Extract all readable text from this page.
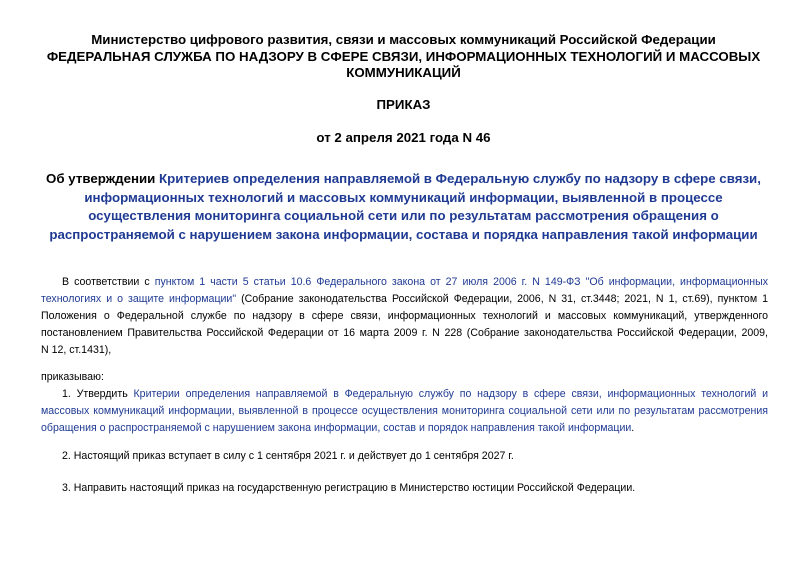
Министерство цифрового развития, связи и массовых коммуникаций Российской Федерации
ФЕДЕРАЛЬНАЯ СЛУЖБА ПО НАДЗОРУ В СФЕРЕ СВЯЗИ, ИНФОРМАЦИОННЫХ ТЕХНОЛОГИЙ И МАССОВЫХ
КОММУНИКАЦИЙ
ПРИКАЗ
от 2 апреля 2021 года N 46
Об утверждении Критериев определения направляемой в Федеральную службу по надзору в сфере связи,
информационных технологий и массовых коммуникаций информации, выявленной в процессе
осуществления мониторинга социальной сети или по результатам рассмотрения обращения о
распространяемой с нарушением закона информации, состава и порядка направления такой информации
В соответствии с пунктом 1 части 5 статьи 10.6 Федерального закона от 27 июля 2006 г. N 149-ФЗ "Об информации, информационных
технологиях и о защите информации" (Собрание законодательства Российской Федерации, 2006, N 31, ст.3448; 2021, N 1, ст.69), пунктом 1
Положения о Федеральной службе по надзору в сфере связи, информационных технологий и массовых коммуникаций, утвержденного
постановлением Правительства Российской Федерации от 16 марта 2009 г. N 228 (Собрание законодательства Российской Федерации, 2009,
N 12, ст.1431),
приказываю:
1. Утвердить Критерии определения направляемой в Федеральную службу по надзору в сфере связи, информационных технологий и
массовых коммуникаций информации, выявленной в процессе осуществления мониторинга социальной сети или по результатам рассмотрения
обращения о распространяемой с нарушением закона информации, состав и порядок направления такой информации.
2. Настоящий приказ вступает в силу с 1 сентября 2021 г. и действует до 1 сентября 2027 г.
3. Направить настоящий приказ на государственную регистрацию в Министерство юстиции Российской Федерации.
